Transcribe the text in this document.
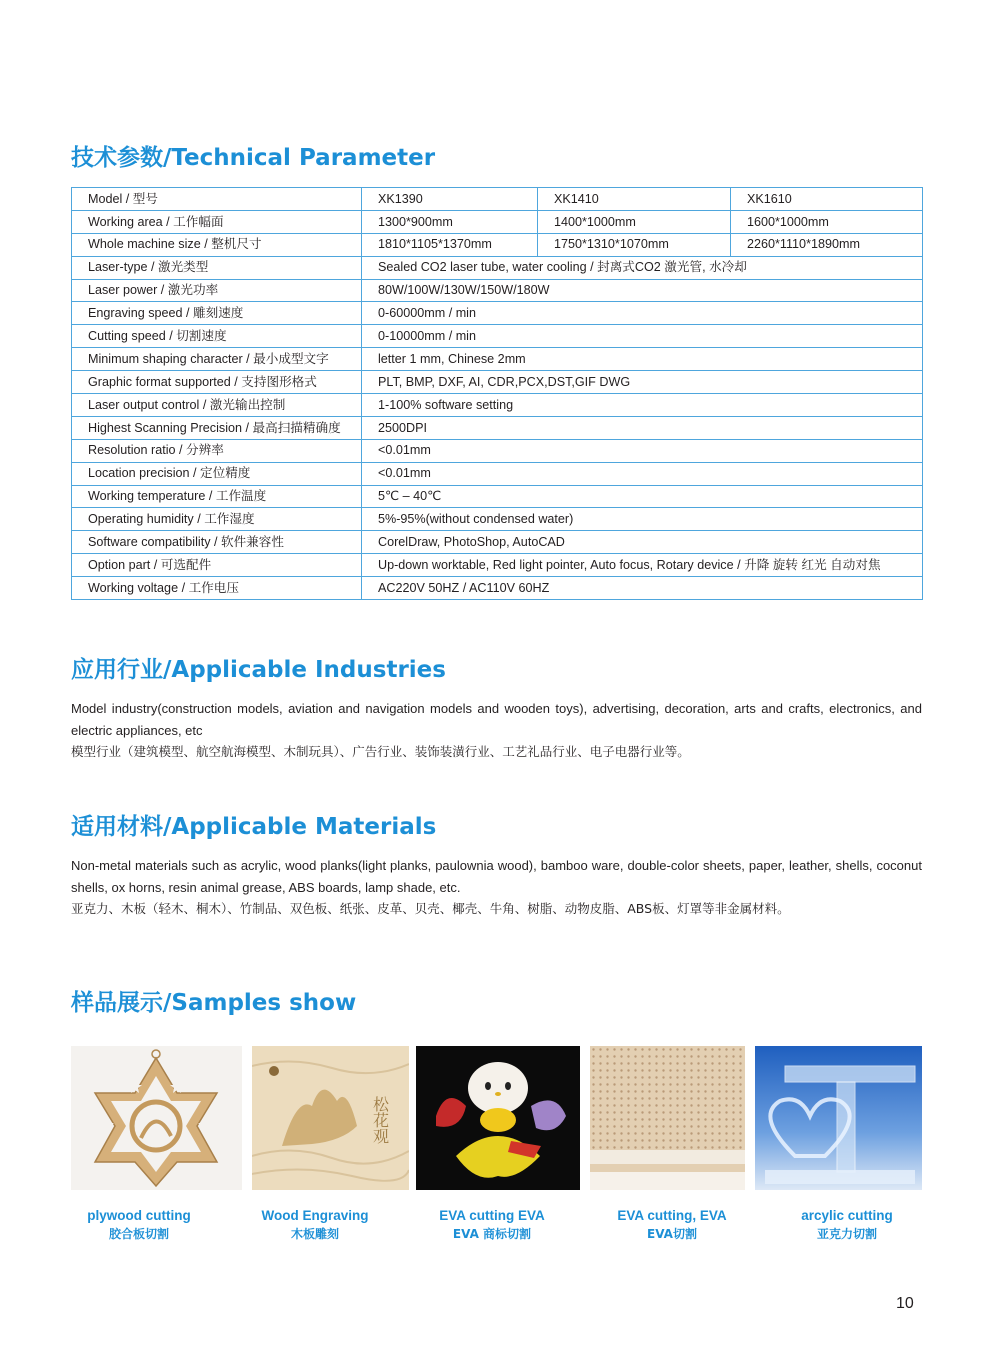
技术参数/Technical Parameter
Model / 型号	XK1390	XK1410	XK1610
Working area / 工作幅面	1300*900mm	1400*1000mm	1600*1000mm
Whole machine size / 整机尺寸	1810*1105*1370mm	1750*1310*1070mm	2260*1110*1890mm
Laser-type / 激光类型	Sealed CO2 laser tube, water cooling / 封离式CO2 激光管, 水冷却		
Laser power / 激光功率	80W/100W/130W/150W/180W		
Engraving speed / 雕刻速度	0-60000mm / min		
Cutting speed / 切割速度	0-10000mm / min		
Minimum shaping character / 最小成型文字	letter 1 mm, Chinese 2mm		
Graphic format supported / 支持图形格式	PLT, BMP, DXF, AI, CDR,PCX,DST,GIF DWG		
Laser output control / 激光输出控制	1-100% software setting		
Highest Scanning Precision / 最高扫描精确度	2500DPI		
Resolution ratio / 分辨率	<0.01mm		
Location precision / 定位精度	<0.01mm		
Working temperature / 工作温度	5℃ – 40℃		
Operating humidity / 工作湿度	5%-95%(without condensed water)		
Software compatibility / 软件兼容性	CorelDraw, PhotoShop, AutoCAD		
Option part / 可选配件	Up-down worktable, Red light pointer, Auto focus, Rotary device / 升降 旋转 红光 自动对焦		
Working voltage / 工作电压	AC220V 50HZ / AC110V 60HZ		
应用行业/Applicable Industries
Model industry(construction models, aviation and navigation models and wooden toys), advertising, decoration, arts and crafts, electronics, and electric appliances, etc
模型行业（建筑模型、航空航海模型、木制玩具）、广告行业、装饰装潢行业、工艺礼品行业、电子电器行业等。
适用材料/Applicable Materials
Non-metal materials such as acrylic, wood planks(light planks, paulownia wood), bamboo ware, double-color sheets, paper, leather, shells, coconut shells, ox horns, resin animal grease, ABS boards, lamp shade, etc.
亚克力、木板（轻木、桐木）、竹制品、双色板、纸张、皮革、贝壳、椰壳、牛角、树脂、动物皮脂、ABS板、灯罩等非金属材料。
样品展示/Samples show
松花观
plywood cutting
胶合板切割
Wood Engraving
木板雕刻
EVA cutting EVA
EVA 商标切割
EVA cutting, EVA
EVA切割
arcylic cutting
亚克力切割
10
